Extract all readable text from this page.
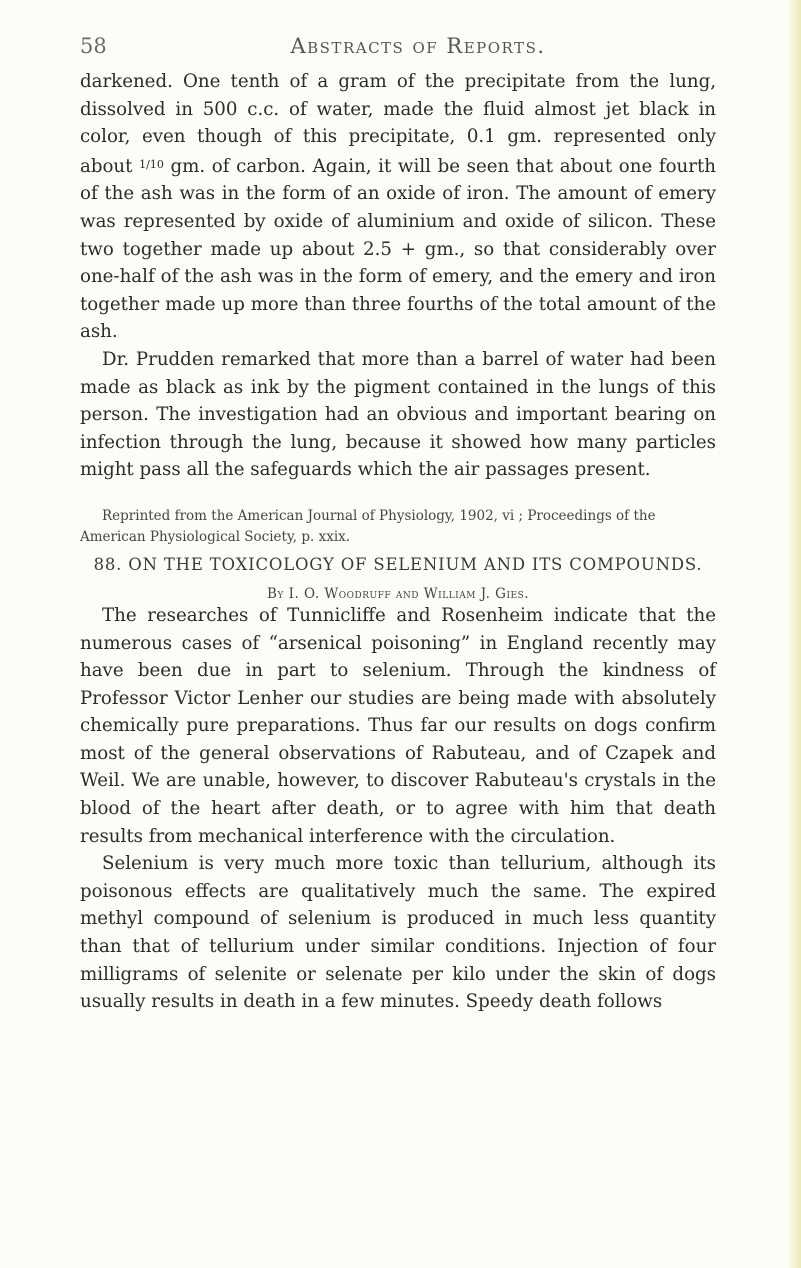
58	Abstracts of Reports.

darkened. One tenth of a gram of the precipitate from the lung, dissolved in 500 c.c. of water, made the fluid almost jet black in color, even though of this precipitate, 0.1 gm. represented only about $^{1/10}$ gm. of carbon. Again, it will be seen that about one fourth of the ash was in the form of an oxide of iron. The amount of emery was represented by oxide of aluminium and oxide of silicon. These two together made up about 2.5 + gm., so that considerably over one-half of the ash was in the form of emery, and the emery and iron together made up more than three fourths of the total amount of the ash.

Dr. Prudden remarked that more than a barrel of water had been made as black as ink by the pigment contained in the lungs of this person. The investigation had an obvious and important bearing on infection through the lung, because it showed how many particles might pass all the safeguards which the air passages present.

Reprinted from the American Journal of Physiology, 1902, vi ; Proceedings of the American Physiological Society, p. xxix.
88. ON THE TOXICOLOGY OF SELENIUM AND ITS COMPOUNDS.
By I. O. Woodruff and William J. Gies.

The researches of Tunnicliffe and Rosenheim indicate that the numerous cases of “arsenical poisoning” in England recently may have been due in part to selenium. Through the kindness of Professor Victor Lenher our studies are being made with absolutely chemically pure preparations. Thus far our results on dogs confirm most of the general observations of Rabuteau, and of Czapek and Weil. We are unable, however, to discover Rabuteau's crystals in the blood of the heart after death, or to agree with him that death results from mechanical interference with the circulation.

Selenium is very much more toxic than tellurium, although its poisonous effects are qualitatively much the same. The expired methyl compound of selenium is produced in much less quantity than that of tellurium under similar conditions. Injection of four milligrams of selenite or selenate per kilo under the skin of dogs usually results in death in a few minutes. Speedy death follows
